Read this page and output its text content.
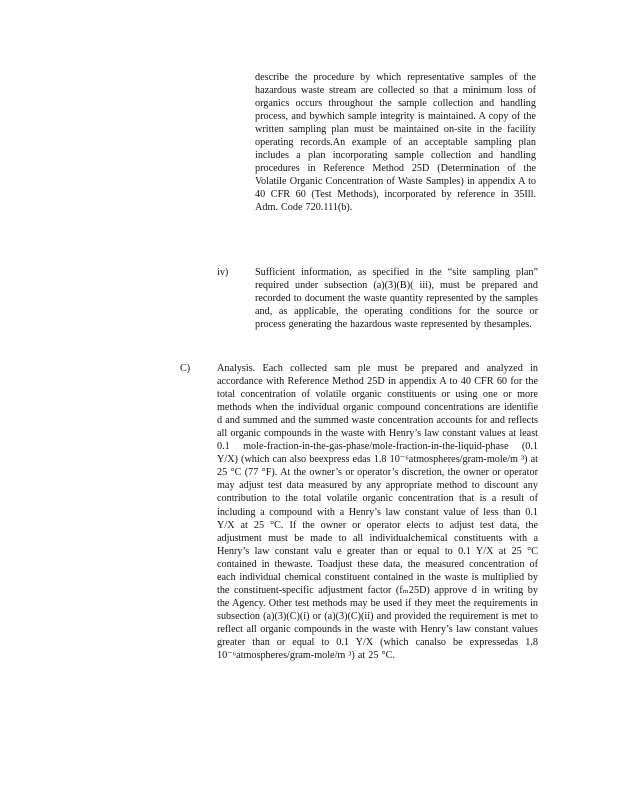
describe the procedure by which representative samples of the hazardous waste stream are collected so that a minimum loss of organics occurs throughout the sample collection and handling process, and bywhich sample integrity is maintained. A copy of the written sampling plan must be maintained on-site in the facility operating records.An example of an acceptable sampling plan includes a plan incorporating sample collection and handling procedures in Reference Method 25D (Determination of the Volatile Organic Concentration of Waste Samples) in appendix A to 40 CFR 60 (Test Methods), incorporated by reference in 35Ill. Adm. Code 720.111(b).
iv)	Sufficient information, as specified in the “site sampling plan” required under subsection (a)(3)(B)( iii), must be prepared and recorded to document the waste quantity represented by the samples and, as applicable, the operating conditions for the source or process generating the hazardous waste represented by thesamples.
C)	Analysis. Each collected sam ple must be prepared and analyzed in accordance with Reference Method 25D in appendix A to 40 CFR 60 for the total concentration of volatile organic constituents or using one or more methods when the individual organic compound concentrations are identifie d and summed and the summed waste concentration accounts for and reflects all organic compounds in the waste with Henry’s law constant values at least 0.1 mole-fraction-in-the-gas-phase/mole-fraction-in-the-liquid-phase (0.1 Y/X) (which can also beexpress edas 1.8 10⁻⁶atmospheres/gram-mole/m ³) at 25 °C (77 °F). At the owner’s or operator’s discretion, the owner or operator may adjust test data measured by any appropriate method to discount any contribution to the total volatile organic concentration that is a result of including a compound with a Henry’s law constant value of less than 0.1 Y/X at 25 °C. If the owner or operator elects to adjust test data, the adjustment must be made to all individualchemical constituents with a Henry’s law constant valu e greater than or equal to 0.1 Y/X at 25 °C contained in thewaste. Toadjust these data, the measured concentration of each individual chemical constituent contained in the waste is multiplied by the constituent-specific adjustment factor (fₘ25D) approve d in writing by the Agency. Other test methods may be used if they meet the requirements in subsection (a)(3)(C)(i) or (a)(3)(C)(ii) and provided the requirement is met to reflect all organic compounds in the waste with Henry’s law constant values greater than or equal to 0.1 Y/X (which canalso be expressedas 1.8 10⁻⁶atmospheres/gram-mole/m ³) at 25 °C.
